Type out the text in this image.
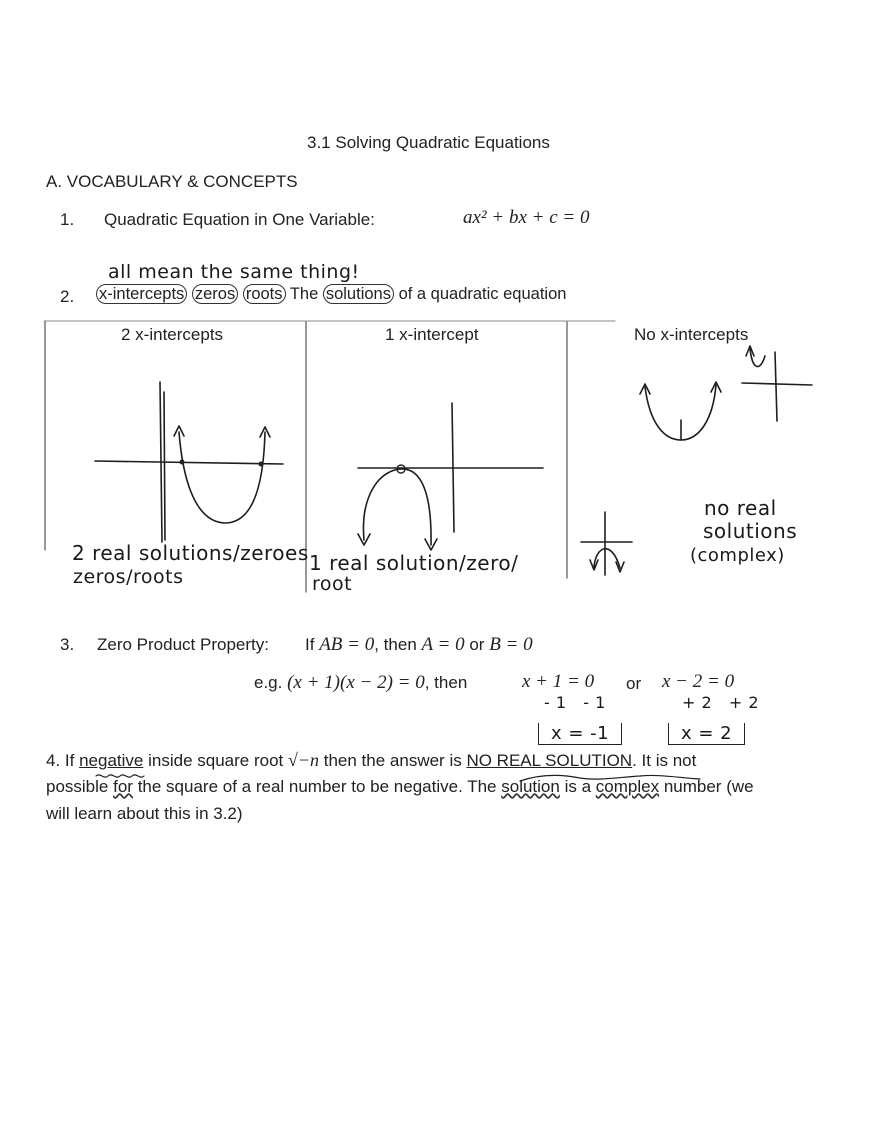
3.1 Solving Quadratic Equations
A. VOCABULARY & CONCEPTS
1. Quadratic Equation in One Variable:	ax² + bx + c = 0
all mean the same thing!
2. x-intercepts zeros roots The solutions of a quadratic equation
2 x-intercepts	1 x-intercept	No x-intercepts
2 real solutions/zeroes
zeros/roots
1 real solution/zero/
root
no real
solutions
(complex)
3. Zero Product Property: If AB = 0, then A = 0 or B = 0
e.g. (x + 1)(x − 2) = 0, then	x + 1 = 0 or x − 2 = 0
- 1   - 1	+ 2   + 2
x = -1	x = 2
4. If negative inside square root √−n then the answer is NO REAL SOLUTION. It is not
possible for the square of a real number to be negative. The solution is a complex number (we
will learn about this in 3.2)
